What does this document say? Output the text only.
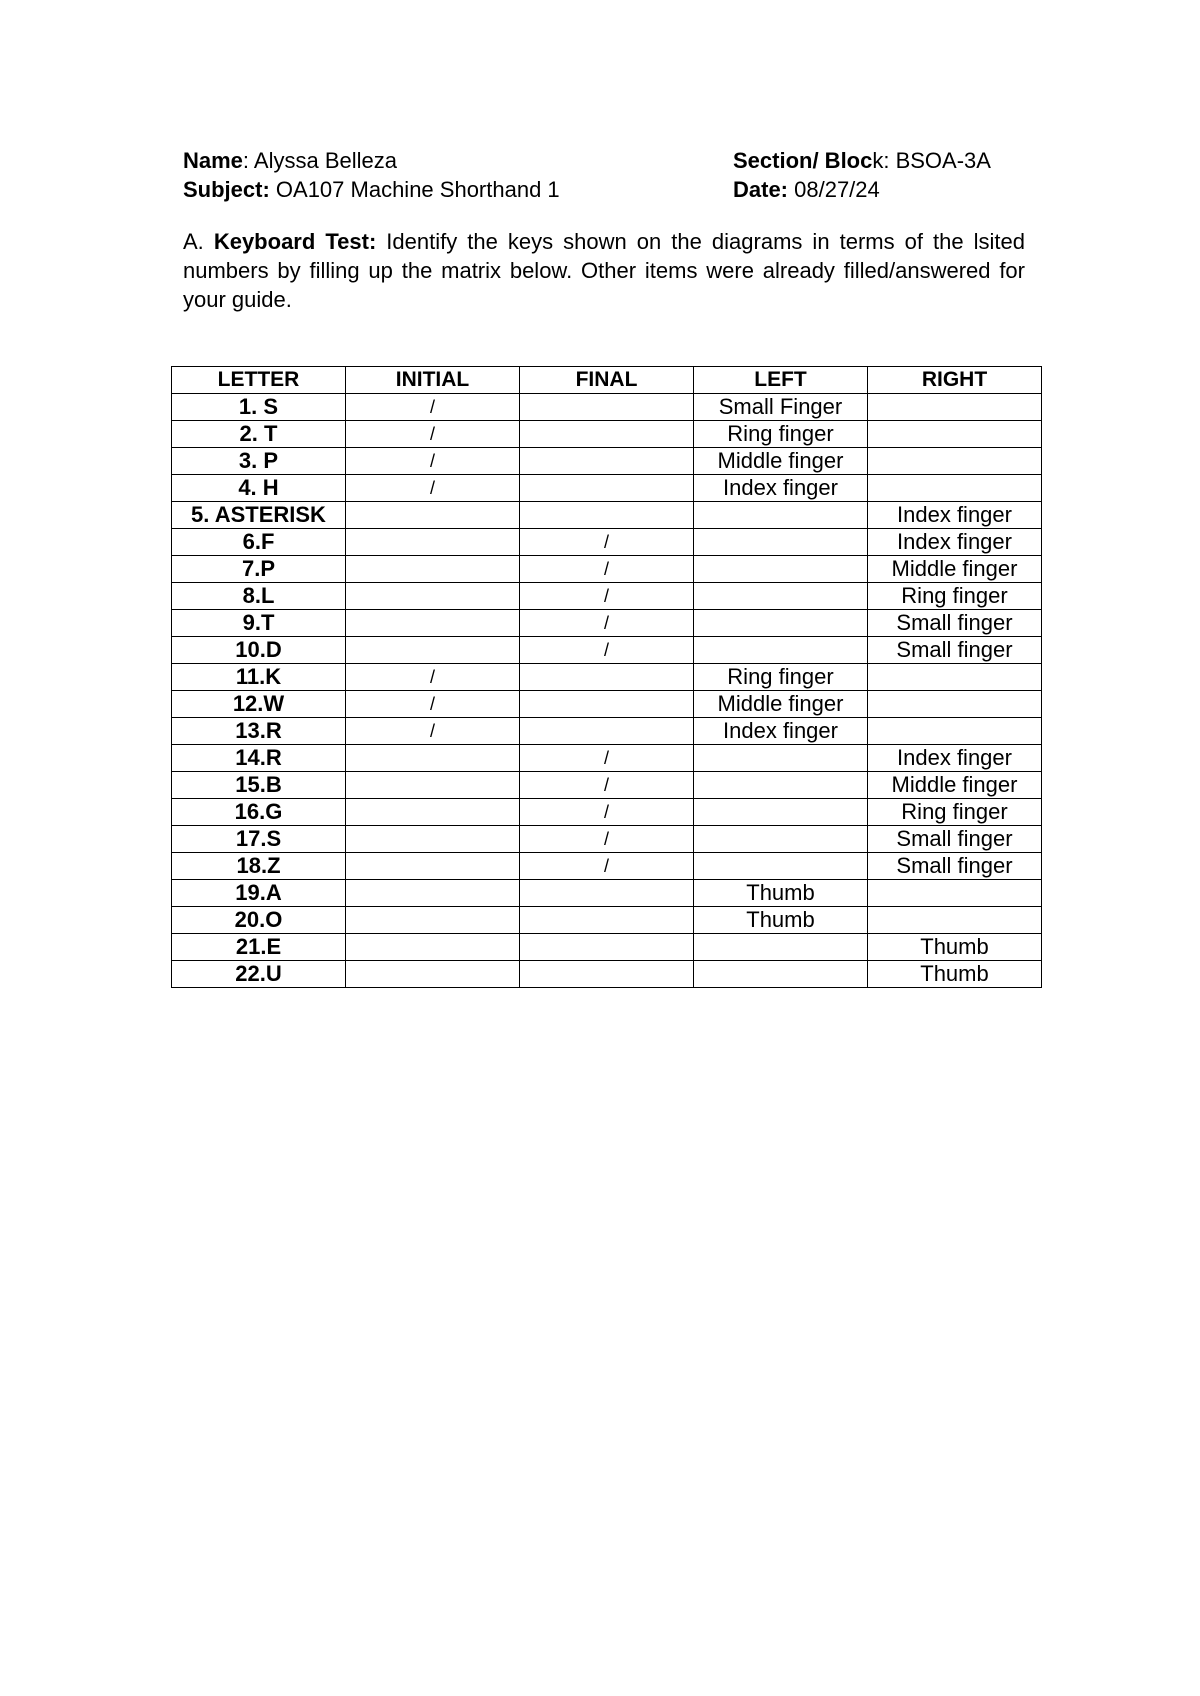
Name: Alyssa Belleza	Section/ Block: BSOA-3A
Subject: OA107 Machine Shorthand 1	Date: 08/27/24

A. Keyboard Test: Identify the keys shown on the diagrams in terms of the lsited numbers by filling up the matrix below. Other items were already filled/answered for your guide.

LETTER	INITIAL	FINAL	LEFT	RIGHT
1. S	/		Small Finger	
2. T	/		Ring finger	
3. P	/		Middle finger	
4. H	/		Index finger	
5. ASTERISK				Index finger
6.F		/		Index finger
7.P		/		Middle finger
8.L		/		Ring finger
9.T		/		Small finger
10.D		/		Small finger
11.K	/		Ring finger	
12.W	/		Middle finger	
13.R	/		Index finger	
14.R		/		Index finger
15.B		/		Middle finger
16.G		/		Ring finger
17.S		/		Small finger
18.Z		/		Small finger
19.A			Thumb	
20.O			Thumb	
21.E				Thumb
22.U				Thumb
